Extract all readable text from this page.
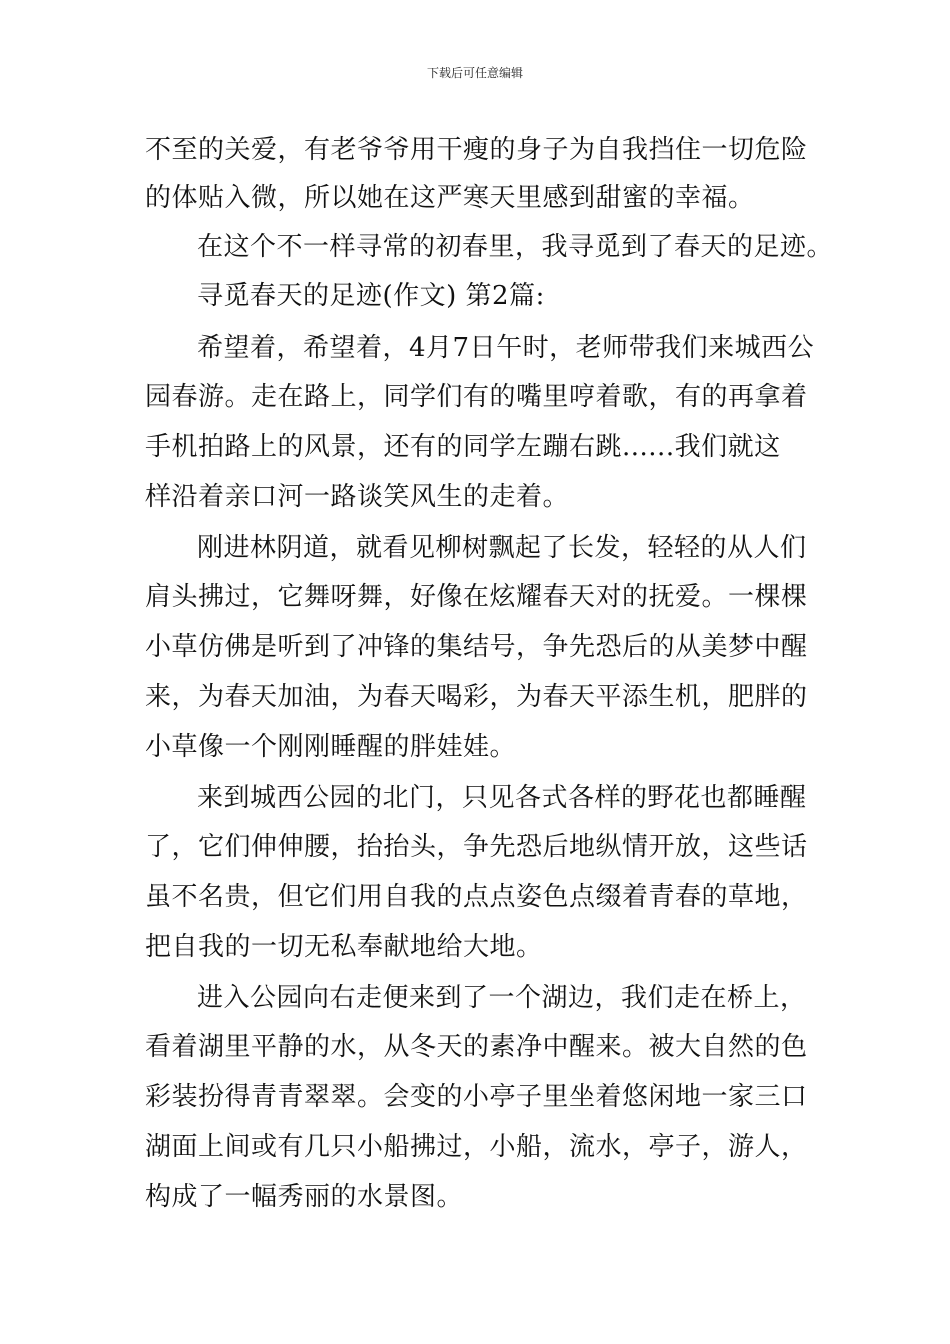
下载后可任意编辑
不至的关爱，有老爷爷用干瘦的身子为自我挡住一切危险
的体贴入微，所以她在这严寒天里感到甜蜜的幸福。
在这个不一样寻常的初春里，我寻觅到了春天的足迹。
寻觅春天的足迹(作文) 第2篇:
希望着，希望着，4月7日午时，老师带我们来城西公
园春游。走在路上，同学们有的嘴里哼着歌，有的再拿着
手机拍路上的风景，还有的同学左蹦右跳......我们就这
样沿着亲口河一路谈笑风生的走着。
刚进林阴道，就看见柳树飘起了长发，轻轻的从人们
肩头拂过，它舞呀舞，好像在炫耀春天对的抚爱。一棵棵
小草仿佛是听到了冲锋的集结号，争先恐后的从美梦中醒
来，为春天加油，为春天喝彩，为春天平添生机，肥胖的
小草像一个刚刚睡醒的胖娃娃。
来到城西公园的北门，只见各式各样的野花也都睡醒
了，它们伸伸腰，抬抬头，争先恐后地纵情开放，这些话
虽不名贵，但它们用自我的点点姿色点缀着青春的草地，
把自我的一切无私奉献地给大地。
进入公园向右走便来到了一个湖边，我们走在桥上，
看着湖里平静的水，从冬天的素净中醒来。被大自然的色
彩装扮得青青翠翠。会变的小亭子里坐着悠闲地一家三口
湖面上间或有几只小船拂过，小船，流水，亭子，游人，
构成了一幅秀丽的水景图。
